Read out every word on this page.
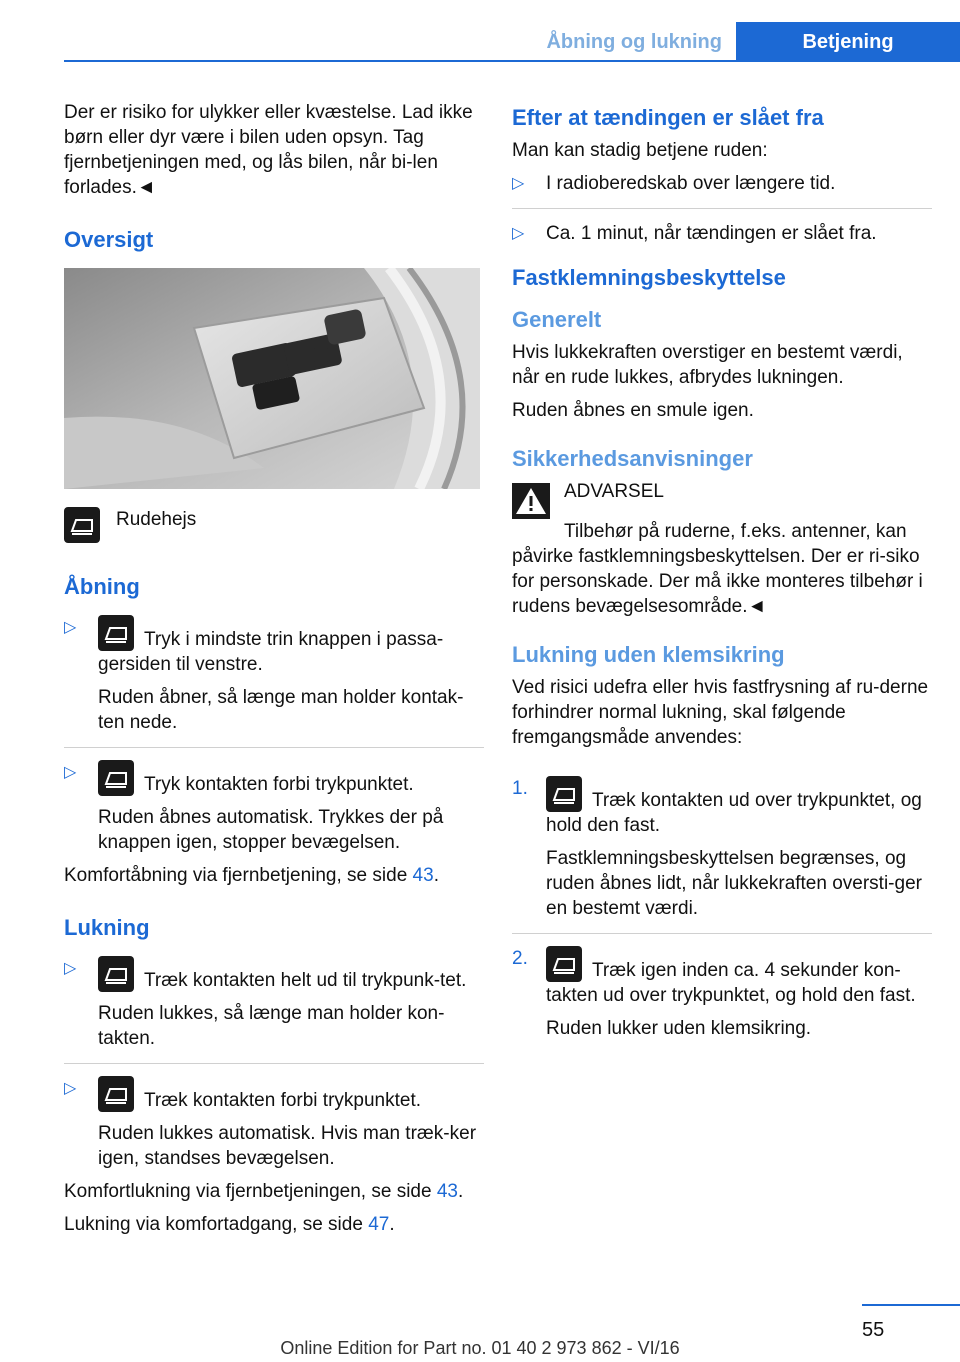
Åbning og lukning	Betjening

Der er risiko for ulykker eller kvæstelse. Lad ikke børn eller dyr være i bilen uden opsyn. Tag fjernbetjeningen med, og lås bilen, når bi-len forlades.◄

Oversigt
Rudehejs
Åbning
▷
Tryk i mindste trin knappen i passa-gersiden til venstre.
Ruden åbner, så længe man holder kontak-ten nede.
▷
Tryk kontakten forbi trykpunktet.
Ruden åbnes automatisk. Trykkes der på knappen igen, stopper bevægelsen.

Komfortåbning via fjernbetjening, se side 43.

Lukning
▷
Træk kontakten helt ud til trykpunk-tet.
Ruden lukkes, så længe man holder kon-takten.
▷
Træk kontakten forbi trykpunktet.
Ruden lukkes automatisk. Hvis man træk-ker igen, standses bevægelsen.

Komfortlukning via fjernbetjeningen, se side 43.

Lukning via komfortadgang, se side 47.

Efter at tændingen er slået fra

Man kan stadig betjene ruden:

▷ I radioberedskab over længere tid.
▷ Ca. 1 minut, når tændingen er slået fra.
Fastklemningsbeskyttelse
Generelt

Hvis lukkekraften overstiger en bestemt værdi, når en rude lukkes, afbrydes lukningen.

Ruden åbnes en smule igen.

Sikkerhedsanvisninger
ADVARSEL

Tilbehør på ruderne, f.eks. antenner, kan påvirke fastklemningsbeskyttelsen. Der er ri-siko for personskade. Der må ikke monteres tilbehør i rudens bevægelsesområde.◄

Lukning uden klemsikring

Ved risici udefra eller hvis fastfrysning af ru-derne forhindrer normal lukning, skal følgende fremgangsmåde anvendes:

1.
Træk kontakten ud over trykpunktet, og hold den fast.
Fastklemningsbeskyttelsen begrænses, og ruden åbnes lidt, når lukkekraften oversti-ger en bestemt værdi.
2.
Træk igen inden ca. 4 sekunder kon-takten ud over trykpunktet, og hold den fast.
Ruden lukker uden klemsikring.
55
Online Edition for Part no. 01 40 2 973 862 - VI/16
